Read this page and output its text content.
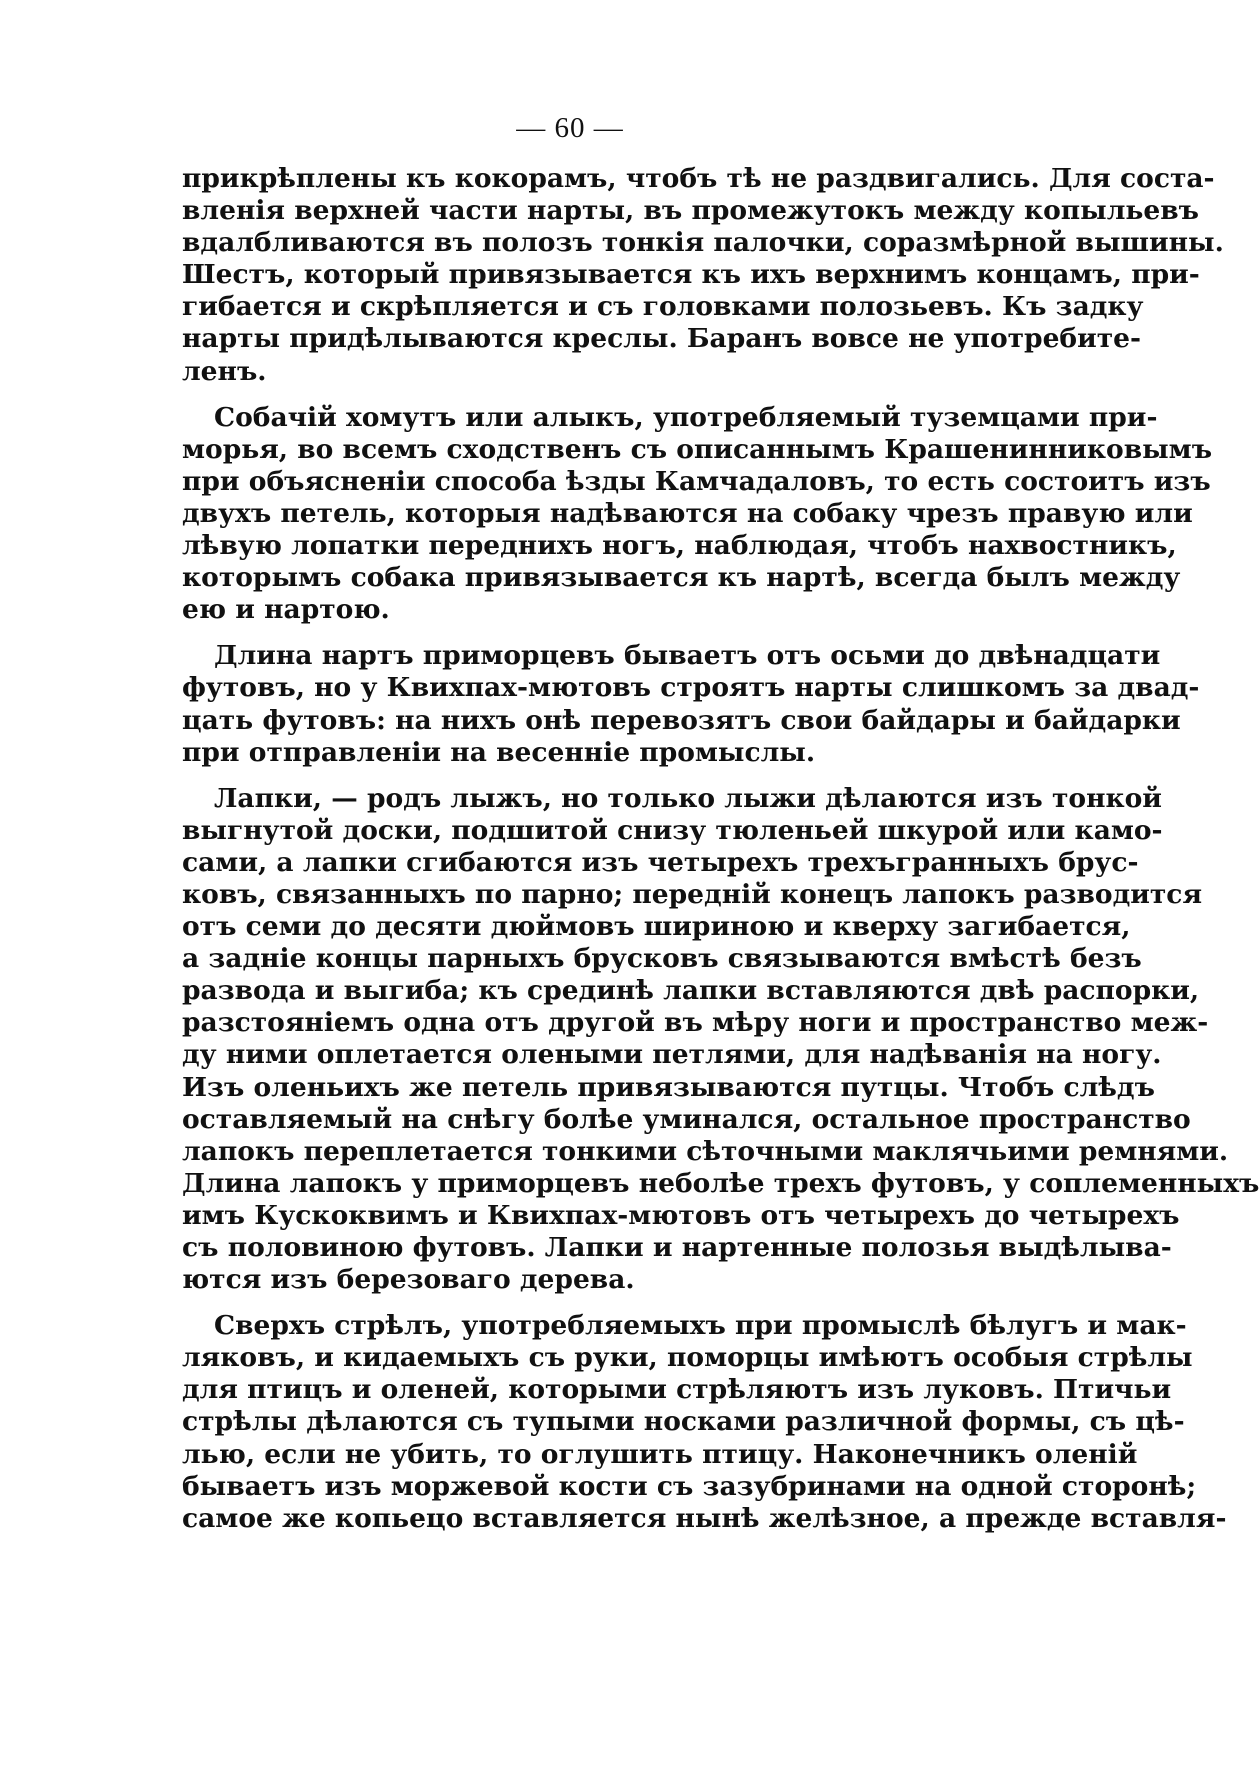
— 60 —
прикрѣплены къ кокорамъ, чтобъ тѣ не раздвигались. Для соста-
вленія верхней части нарты, въ промежутокъ между копыльевъ
вдалбливаются въ полозъ тонкія палочки, соразмѣрной вышины.
Шестъ, который привязывается къ ихъ верхнимъ концамъ, при-
гибается и скрѣпляется и съ головками полозьевъ. Къ задку
нарты придѣлываются креслы. Баранъ вовсе не употребите-
ленъ.
Собачій хомутъ или алыкъ, употребляемый туземцами при-
морья, во всемъ сходственъ съ описаннымъ Крашенинниковымъ
при объясненіи способа ѣзды Камчадаловъ, то есть состоитъ изъ
двухъ петель, которыя надѣваются на собаку чрезъ правую или
лѣвую лопатки переднихъ ногъ, наблюдая, чтобъ нахвостникъ,
которымъ собака привязывается къ нартѣ, всегда былъ между
ею и нартою.
Длина нартъ приморцевъ бываетъ отъ осьми до двѣнадцати
футовъ, но у Квихпах-мютовъ строятъ нарты слишкомъ за двад-
цать футовъ: на нихъ онѣ перевозятъ свои байдары и байдарки
при отправленіи на весенніе промыслы.
Лапки, — родъ лыжъ, но только лыжи дѣлаются изъ тонкой
выгнутой доски, подшитой снизу тюленьей шкурой или камо-
сами, а лапки сгибаются изъ четырехъ трехъгранныхъ брус-
ковъ, связанныхъ по парно; передній конецъ лапокъ разводится
отъ семи до десяти дюймовъ шириною и кверху загибается,
а задніе концы парныхъ брусковъ связываются вмѣстѣ безъ
развода и выгиба; къ срединѣ лапки вставляются двѣ распорки,
разстояніемъ одна отъ другой въ мѣру ноги и пространство меж-
ду ними оплетается олеными петлями, для надѣванія на ногу.
Изъ оленьихъ же петель привязываются путцы. Чтобъ слѣдъ
оставляемый на снѣгу болѣе уминался, остальное пространство
лапокъ переплетается тонкими сѣточными маклячьими ремнями.
Длина лапокъ у приморцевъ неболѣе трехъ футовъ, у соплеменныхъ
имъ Кускоквимъ и Квихпах-мютовъ отъ четырехъ до четырехъ
съ половиною футовъ. Лапки и нартенные полозья выдѣлыва-
ются изъ березоваго дерева.
Сверхъ стрѣлъ, употребляемыхъ при промыслѣ бѣлугъ и мак-
ляковъ, и кидаемыхъ съ руки, поморцы имѣютъ особыя стрѣлы
для птицъ и оленей, которыми стрѣляютъ изъ луковъ. Птичьи
стрѣлы дѣлаются съ тупыми носками различной формы, съ цѣ-
лью, если не убить, то оглушить птицу. Наконечникъ оленій
бываетъ изъ моржевой кости съ зазубринами на одной сторонѣ;
самое же копьецо вставляется нынѣ желѣзное, а прежде вставля-
